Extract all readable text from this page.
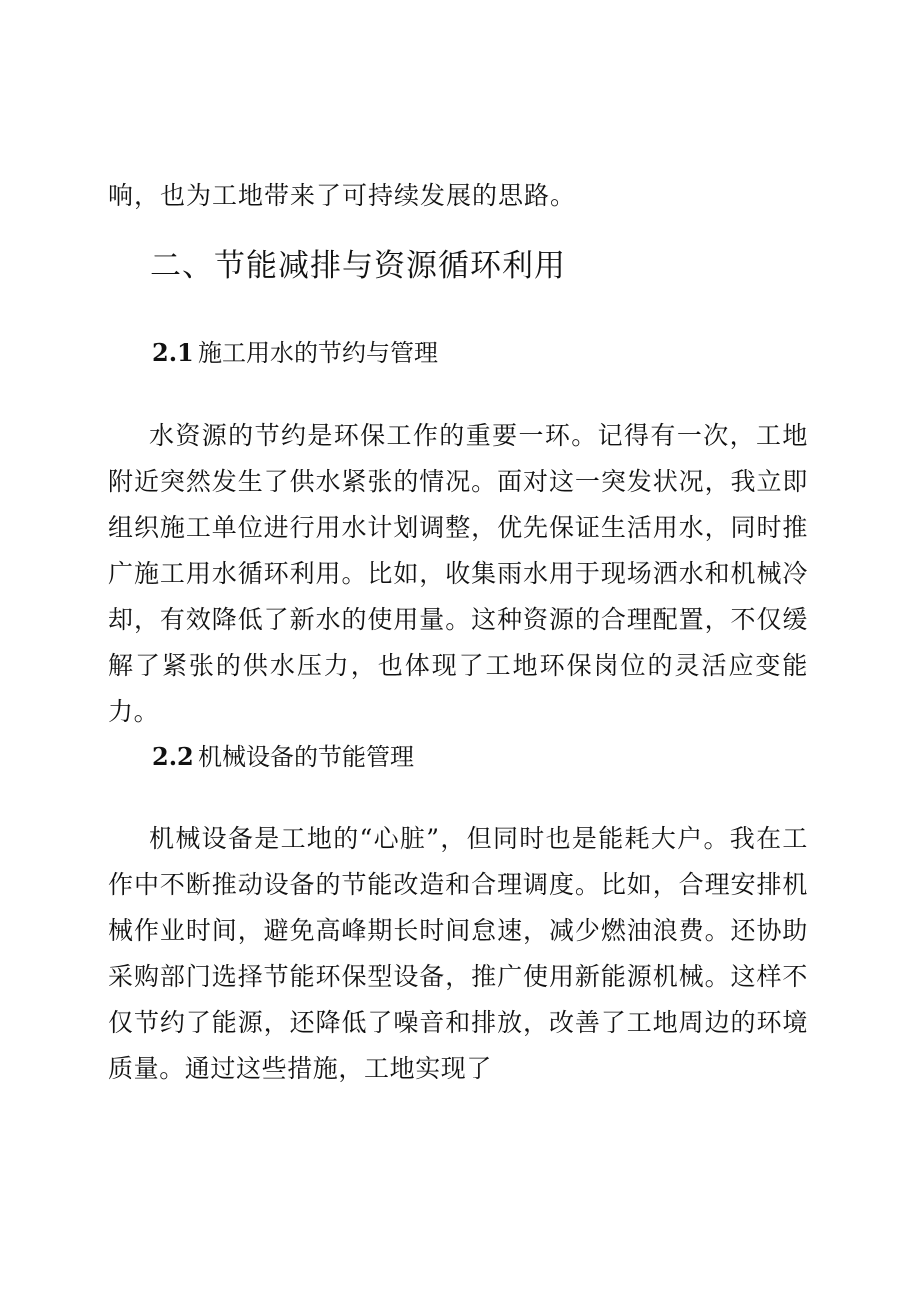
响，也为工地带来了可持续发展的思路。
二、节能减排与资源循环利用
2.1 施工用水的节约与管理
水资源的节约是环保工作的重要一环。记得有一次，工地附近突然发生了供水紧张的情况。面对这一突发状况，我立即组织施工单位进行用水计划调整，优先保证生活用水，同时推广施工用水循环利用。比如，收集雨水用于现场洒水和机械冷却，有效降低了新水的使用量。这种资源的合理配置，不仅缓解了紧张的供水压力，也体现了工地环保岗位的灵活应变能力。
2.2 机械设备的节能管理
机械设备是工地的“心脏”，但同时也是能耗大户。我在工作中不断推动设备的节能改造和合理调度。比如，合理安排机械作业时间，避免高峰期长时间怠速，减少燃油浪费。还协助采购部门选择节能环保型设备，推广使用新能源机械。这样不仅节约了能源，还降低了噪音和排放，改善了工地周边的环境质量。通过这些措施，工地实现了
